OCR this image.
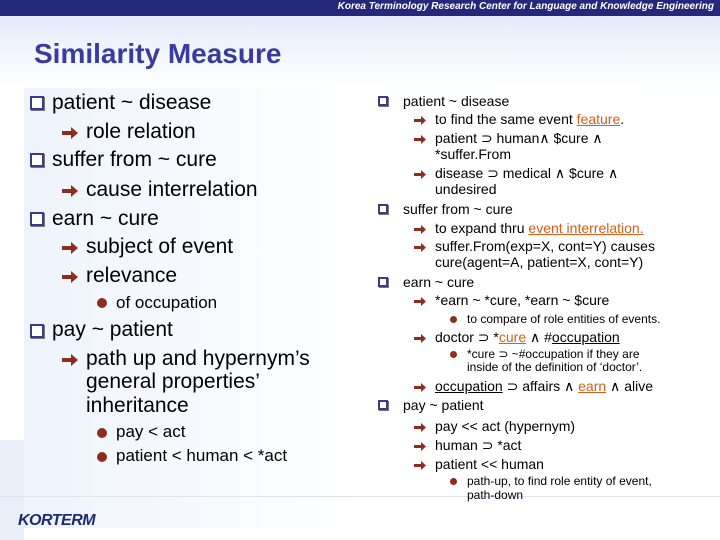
Korea Terminology Research Center for Language and Knowledge Engineering
Similarity Measure
patient ~ disease
role relation
suffer from ~ cure
cause interrelation
earn ~ cure
subject of event
relevance
of occupation
pay ~ patient
path up and hypernym’s
general properties’
inheritance
pay < act
patient < human < *act
patient ~ disease
to find the same event feature.
patient ⊃ human∧ $cure ∧
*suffer.From
disease ⊃ medical ∧ $cure ∧
undesired
suffer from ~ cure
to expand thru event interrelation.
suffer.From(exp=X, cont=Y) causes
cure(agent=A, patient=X, cont=Y)
earn ~ cure
*earn ~ *cure, *earn ~ $cure
to compare of role entities of events.
doctor ⊃ *cure ∧ #occupation
*cure ⊃ ~#occupation if they are
inside of the definition of ‘doctor’.
occupation ⊃ affairs ∧ earn ∧ alive
pay ~ patient
pay << act (hypernym)
human ⊃ *act
patient << human
path-up, to find role entity of event,
path-down
KORTERM
